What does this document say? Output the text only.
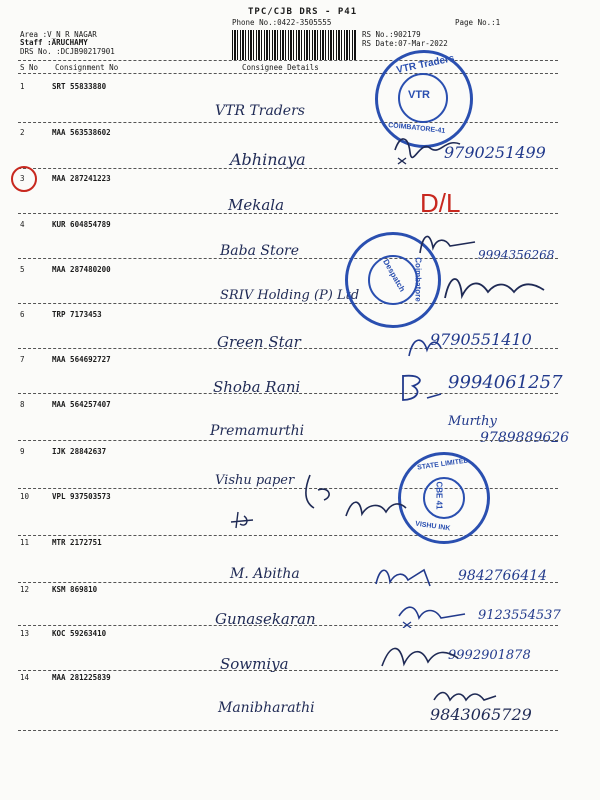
TPC/CJB DRS - P41
Phone No.:0422-3505555
Area :V_N R NAGAR
Staff :ARUCHAMY
DRS No. :DCJB90217901
Page No.:1
RS No.:902179
RS Date:07-Mar-2022
S No Consignment No	Consignee Details
1	SRT 55833880
VTR Traders
2	MAA 563538602
Abhinaya	9790251499
3	MAA 287241223
Mekala	D/L
4	KUR 604854789
Baba Store	9994356268
5	MAA 287480200
SRIV Holding (P) Ltd
6	TRP 7173453
Green Star	9790551410
7	MAA 564692727
Shoba Rani	9994061257
8	MAA 564257407
Premamurthi
Murthy
9789889626
9	IJK 28842637
Vishu paper
10	VPL 937503573
11	MTR 2172751
M. Abitha	9842766414
12	KSM 869810
Gunasekaran	9123554537
13	KOC 59263410
Sowmiya	9992901878
14	MAA 281225839
Manibharathi	9843065729
VTR Traders
VTR
COIMBATORE-41
Despatch Coimbatore
STATE LIMITED
CBE 41
VISHU INK
